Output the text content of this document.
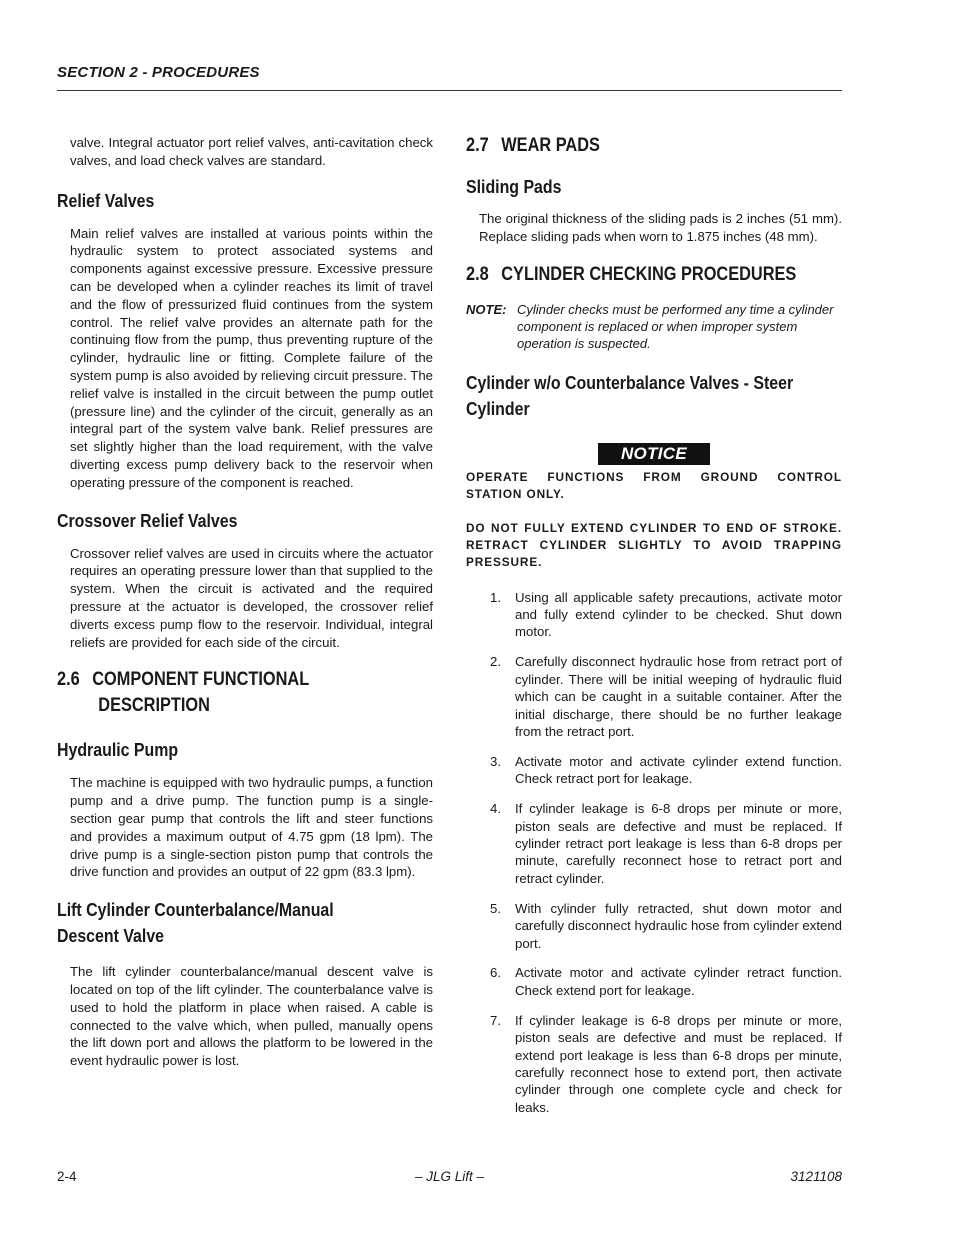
SECTION 2 - PROCEDURES

valve. Integral actuator port relief valves, anti-cavitation check valves, and load check valves are standard.

Relief Valves

Main relief valves are installed at various points within the hydraulic system to protect associated systems and components against excessive pressure. Excessive pressure can be developed when a cylinder reaches its limit of travel and the flow of pressurized fluid continues from the system control. The relief valve provides an alternate path for the continuing flow from the pump, thus preventing rupture of the cylinder, hydraulic line or fitting. Complete failure of the system pump is also avoided by relieving circuit pressure. The relief valve is installed in the circuit between the pump outlet (pressure line) and the cylinder of the circuit, generally as an integral part of the system valve bank. Relief pressures are set slightly higher than the load requirement, with the valve diverting excess pump delivery back to the reservoir when operating pressure of the component is reached.

Crossover Relief Valves

Crossover relief valves are used in circuits where the actuator requires an operating pressure lower than that supplied to the system. When the circuit is activated and the required pressure at the actuator is developed, the crossover relief diverts excess pump flow to the reservoir. Individual, integral reliefs are provided for each side of the circuit.

2.6 COMPONENT FUNCTIONAL
DESCRIPTION
Hydraulic Pump

The machine is equipped with two hydraulic pumps, a function pump and a drive pump. The function pump is a single-section gear pump that controls the lift and steer functions and provides a maximum output of 4.75 gpm (18 lpm). The drive pump is a single-section piston pump that controls the drive function and provides an output of 22 gpm (83.3 lpm).

Lift Cylinder Counterbalance/Manual
Descent Valve

The lift cylinder counterbalance/manual descent valve is located on top of the lift cylinder. The counterbalance valve is used to hold the platform in place when raised. A cable is connected to the valve which, when pulled, manually opens the lift down port and allows the platform to be lowered in the event hydraulic power is lost.

2.7 WEAR PADS
Sliding Pads

The original thickness of the sliding pads is 2 inches (51 mm). Replace sliding pads when worn to 1.875 inches (48 mm).

2.8 CYLINDER CHECKING PROCEDURES
NOTE: Cylinder checks must be performed any time a cylinder component is replaced or when improper system operation is suspected.
Cylinder w/o Counterbalance Valves - Steer
Cylinder
NOTICE

OPERATE FUNCTIONS FROM GROUND CONTROL STATION ONLY.

DO NOT FULLY EXTEND CYLINDER TO END OF STROKE. RETRACT CYLINDER SLIGHTLY TO AVOID TRAPPING PRESSURE.

1.	Using all applicable safety precautions, activate motor and fully extend cylinder to be checked. Shut down motor.
2.	Carefully disconnect hydraulic hose from retract port of cylinder. There will be initial weeping of hydraulic fluid which can be caught in a suitable container. After the initial discharge, there should be no further leakage from the retract port.
3.	Activate motor and activate cylinder extend function. Check retract port for leakage.
4.	If cylinder leakage is 6-8 drops per minute or more, piston seals are defective and must be replaced. If cylinder retract port leakage is less than 6-8 drops per minute, carefully reconnect hose to retract port and retract cylinder.
5.	With cylinder fully retracted, shut down motor and carefully disconnect hydraulic hose from cylinder extend port.
6.	Activate motor and activate cylinder retract function. Check extend port for leakage.
7.	If cylinder leakage is 6-8 drops per minute or more, piston seals are defective and must be replaced. If extend port leakage is less than 6-8 drops per minute, carefully reconnect hose to extend port, then activate cylinder through one complete cycle and check for leaks.
2-4	– JLG Lift –	3121108
